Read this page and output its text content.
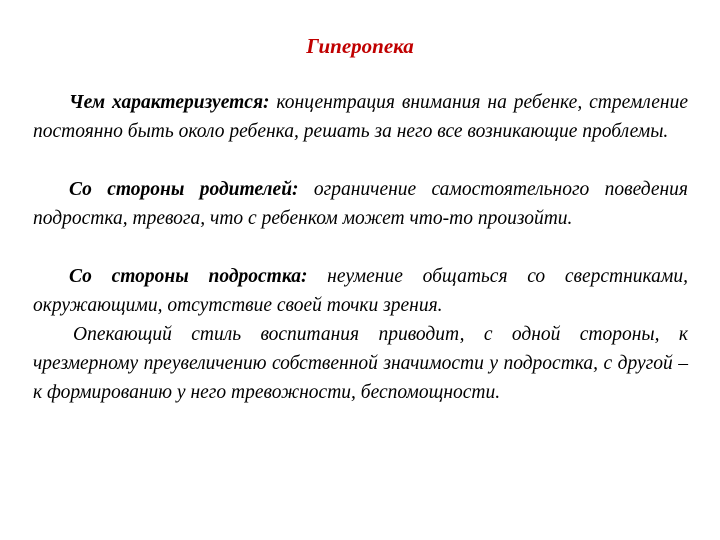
Гиперопека

Чем характеризуется: концентрация внимания на ребенке, стремление постоянно быть около ребенка, решать за него все возникающие проблемы.

Со стороны родителей: ограничение самостоятельного поведения подростка, тревога, что с ребенком может что-то произойти.

Со стороны подростка: неумение общаться со сверстниками, окружающими, отсутствие своей точки зрения.

Опекающий стиль воспитания приводит, с одной стороны, к чрезмерному преувеличению собственной значимости у подростка, с другой – к формированию у него тревожности, беспомощности.
